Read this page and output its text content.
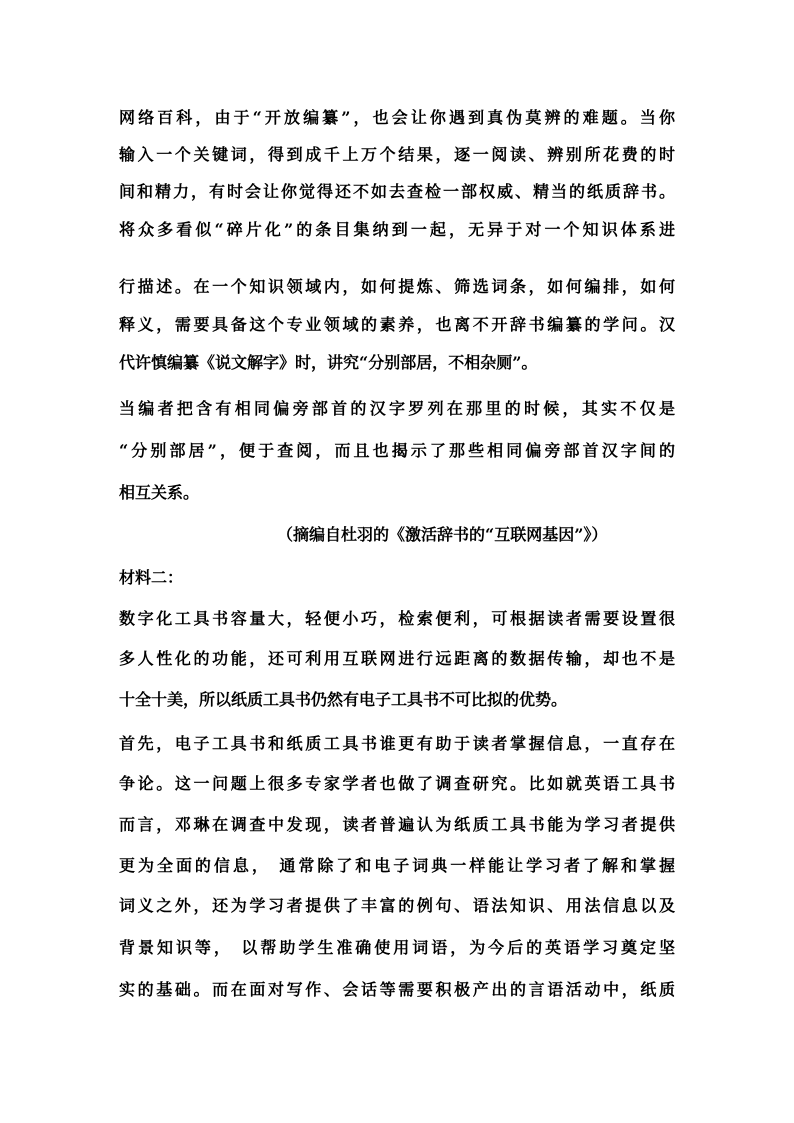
网络百科，由于“开放编纂”，也会让你遇到真伪莫辨的难题。当你
输入一个关键词，得到成千上万个结果，逐一阅读、辨别所花费的时
间和精力，有时会让你觉得还不如去查检一部权威、精当的纸质辞书。
将众多看似“碎片化”的条目集纳到一起，无异于对一个知识体系进
行描述。在一个知识领域内，如何提炼、筛选词条，如何编排，如何
释义，需要具备这个专业领域的素养，也离不开辞书编纂的学问。汉
代许慎编纂《说文解字》时，讲究“分别部居，不相杂厕”。
当编者把含有相同偏旁部首的汉字罗列在那里的时候，其实不仅是
“分别部居”，便于查阅，而且也揭示了那些相同偏旁部首汉字间的
相互关系。
（摘编自杜羽的《激活辞书的“互联网基因”》）
材料二：
数字化工具书容量大，轻便小巧，检索便利，可根据读者需要设置很
多人性化的功能，还可利用互联网进行远距离的数据传输，却也不是
十全十美，所以纸质工具书仍然有电子工具书不可比拟的优势。
首先，电子工具书和纸质工具书谁更有助于读者掌握信息，一直存在
争论。这一问题上很多专家学者也做了调查研究。比如就英语工具书
而言，邓琳在调查中发现，读者普遍认为纸质工具书能为学习者提供
更为全面的信息， 通常除了和电子词典一样能让学习者了解和掌握
词义之外，还为学习者提供了丰富的例句、语法知识、用法信息以及
背景知识等， 以帮助学生准确使用词语，为今后的英语学习奠定坚
实的基础。而在面对写作、会话等需要积极产出的言语活动中，纸质
